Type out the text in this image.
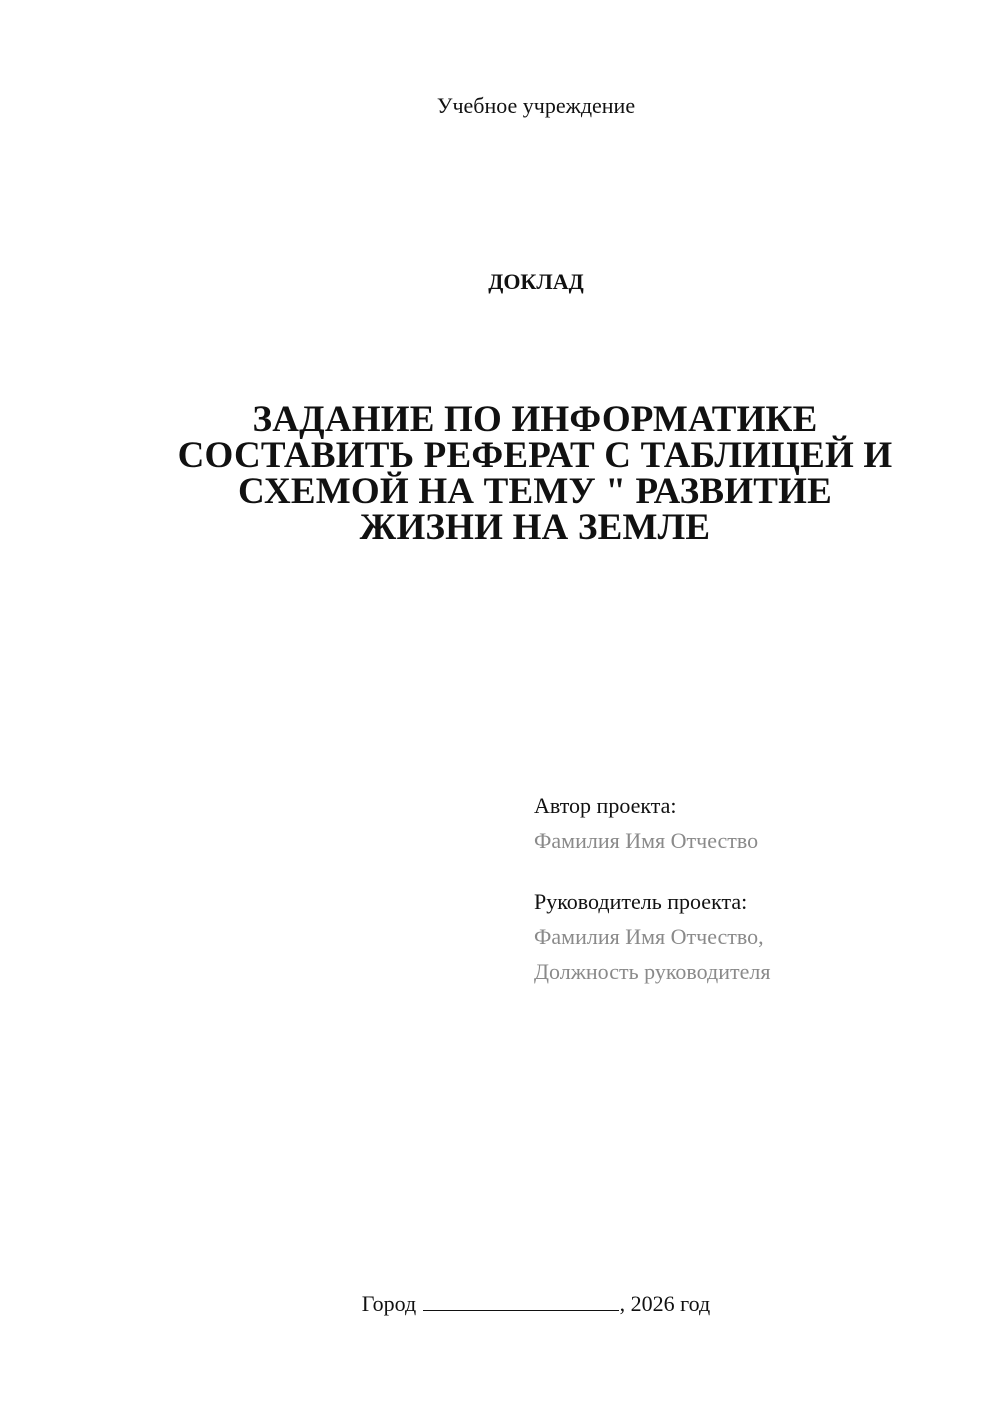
Учебное учреждение
ДОКЛАД
ЗАДАНИЕ ПО ИНФОРМАТИКЕ
СОСТАВИТЬ РЕФЕРАТ С ТАБЛИЦЕЙ И
СХЕМОЙ НА ТЕМУ " РАЗВИТИЕ
ЖИЗНИ НА ЗЕМЛЕ
Автор проекта:
Фамилия Имя Отчество
Руководитель проекта:
Фамилия Имя Отчество,
Должность руководителя
Город	, 2026 год
